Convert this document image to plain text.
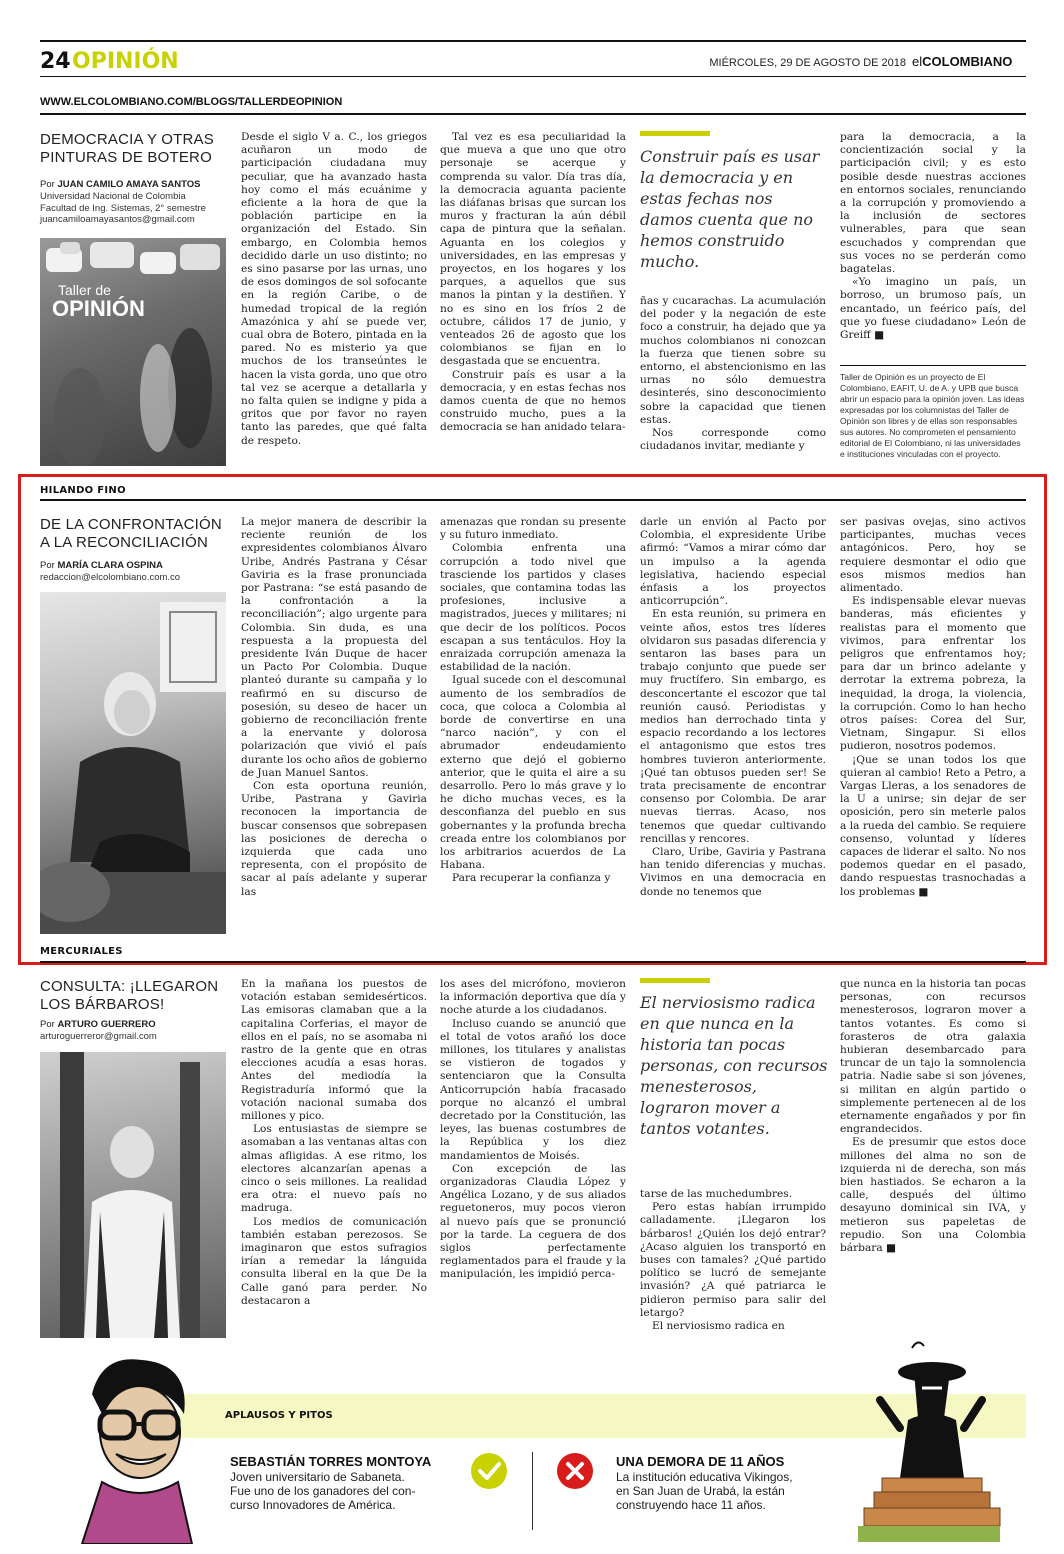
24 OPINIÓN	MIÉRCOLES, 29 DE AGOSTO DE 2018 elCOLOMBIANO
WWW.ELCOLOMBIANO.COM/BLOGS/TALLERDEOPINION
DEMOCRACIA Y OTRAS
PINTURAS DE BOTERO
Por JUAN CAMILO AMAYA SANTOS
Universidad Nacional de Colombia
Facultad de Ing. Sistemas, 2° semestre
juancamiloamayasantos@gmail.com
Taller de
OPINIÓN

Desde el siglo V a. C., los griegos acuñaron un modo de participación ciudadana muy peculiar, que ha avanzado hasta hoy como el más ecuánime y eficiente a la hora de que la población participe en la organización del Estado. Sin embargo, en Colombia hemos decidido darle un uso distinto; no es sino pasarse por las urnas, uno de esos domingos de sol sofocante en la región Caribe, o de humedad tropical de la región Amazónica y ahí se puede ver, cual obra de Botero, pintada en la pared. No es misterio ya que muchos de los transeúntes le hacen la vista gorda, uno que otro tal vez se acerque a detallarla y no falta quien se indigne y pida a gritos que por favor no rayen tanto las paredes, que qué falta de respeto.

Tal vez es esa peculiaridad la que mueva a que uno que otro personaje se acerque y comprenda su valor. Día tras día, la democracia aguanta paciente las diáfanas brisas que surcan los muros y fracturan la aún débil capa de pintura que la señalan. Aguanta en los colegios y universidades, en las empresas y proyectos, en los hogares y los parques, a aquellos que sus manos la pintan y la destiñen. Y no es sino en los fríos 2 de octubre, cálidos 17 de junio, y venteados 26 de agosto que los colombianos se fijan en lo desgastada que se encuentra.

Construir país es usar a la democracia, y en estas fechas nos damos cuenta de que no hemos construido mucho, pues a la democracia se han anidado telara-

Construir país es usar la democracia y en estas fechas nos damos cuenta que no hemos construido mucho.

ñas y cucarachas. La acumulación del poder y la negación de este foco a construir, ha dejado que ya muchos colombianos ni conozcan la fuerza que tienen sobre su entorno, el abstencionismo en las urnas no sólo demuestra desinterés, sino desconocimiento sobre la capacidad que tienen estas.

Nos corresponde como ciudadanos invitar, mediante y

para la democracia, a la concientización social y la participación civil; y es esto posible desde nuestras acciones en entornos sociales, renunciando a la corrupción y promoviendo a la inclusión de sectores vulnerables, para que sean escuchados y comprendan que sus voces no se perderán como bagatelas.

«Yo imagino un país, un borroso, un brumoso país, un encantado, un feérico país, del que yo fuese ciudadano» León de Greiff ■

Taller de Opinión es un proyecto de El Colombiano, EAFIT, U. de A. y UPB que busca abrir un espacio para la opinión joven. Las ideas expresadas por los columnistas del Taller de Opinión son libres y de ellas son responsables sus autores. No comprometen el pensamiento editorial de El Colombiano, ni las universidades e instituciones vinculadas con el proyecto.
HILANDO FINO
DE LA CONFRONTACIÓN
A LA RECONCILIACIÓN
Por MARÍA CLARA OSPINA
redaccion@elcolombiano.com.co

La mejor manera de describir la reciente reunión de los expresidentes colombianos Álvaro Uribe, Andrés Pastrana y César Gaviria es la frase pronunciada por Pastrana: “se está pasando de la confrontación a la reconciliación”; algo urgente para Colombia. Sin duda, es una respuesta a la propuesta del presidente Iván Duque de hacer un Pacto Por Colombia. Duque planteó durante su campaña y lo reafirmó en su discurso de posesión, su deseo de hacer un gobierno de reconciliación frente a la enervante y dolorosa polarización que vivió el país durante los ocho años de gobierno de Juan Manuel Santos.

Con esta oportuna reunión, Uribe, Pastrana y Gaviria reconocen la importancia de buscar consensos que sobrepasen las posiciones de derecha o izquierda que cada uno representa, con el propósito de sacar al país adelante y superar las

amenazas que rondan su presente y su futuro inmediato.

Colombia enfrenta una corrupción a todo nivel que trasciende los partidos y clases sociales, que contamina todas las profesiones, inclusive a magistrados, jueces y militares; ni que decir de los políticos. Pocos escapan a sus tentáculos. Hoy la enraizada corrupción amenaza la estabilidad de la nación.

Igual sucede con el descomunal aumento de los sembradíos de coca, que coloca a Colombia al borde de convertirse en una “narco nación”, y con el abrumador endeudamiento externo que dejó el gobierno anterior, que le quita el aire a su desarrollo. Pero lo más grave y lo he dicho muchas veces, es la desconfianza del pueblo en sus gobernantes y la profunda brecha creada entre los colombianos por los arbitrarios acuerdos de La Habana.

Para recuperar la confianza y

darle un envión al Pacto por Colombia, el expresidente Uribe afirmó: “Vamos a mirar cómo dar un impulso a la agenda legislativa, haciendo especial énfasis a los proyectos anticorrupción”.

En esta reunión, su primera en veinte años, estos tres líderes olvidaron sus pasadas diferencia y sentaron las bases para un trabajo conjunto que puede ser muy fructífero. Sin embargo, es desconcertante el escozor que tal reunión causó. Periodistas y medios han derrochado tinta y espacio recordando a los lectores el antagonismo que estos tres hombres tuvieron anteriormente. ¡Qué tan obtusos pueden ser! Se trata precisamente de encontrar consenso por Colombia. De arar nuevas tierras. Acaso, nos tenemos que quedar cultivando rencillas y rencores.

Claro, Uribe, Gaviria y Pastrana han tenido diferencias y muchas. Vivimos en una democracia en donde no tenemos que

ser pasivas ovejas, sino activos participantes, muchas veces antagónicos. Pero, hoy se requiere desmontar el odio que esos mismos medios han alimentado.

Es indispensable elevar nuevas banderas, más eficientes y realistas para el momento que vivimos, para enfrentar los peligros que enfrentamos hoy; para dar un brinco adelante y derrotar la extrema pobreza, la inequidad, la droga, la violencia, la corrupción. Como lo han hecho otros países: Corea del Sur, Vietnam, Singapur. Si ellos pudieron, nosotros podemos.

¡Que se unan todos los que quieran al cambio! Reto a Petro, a Vargas Lleras, a los senadores de la U a unirse; sin dejar de ser oposición, pero sin meterle palos a la rueda del cambio. Se requiere consenso, voluntad y líderes capaces de liderar el salto. No nos podemos quedar en el pasado, dando respuestas trasnochadas a los problemas ■

MERCURIALES
CONSULTA: ¡LLEGARON
LOS BÁRBAROS!
Por ARTURO GUERRERO
arturoguerreror@gmail.com

En la mañana los puestos de votación estaban semidesérticos. Las emisoras clamaban que a la capitalina Corferias, el mayor de ellos en el país, no se asomaba ni rastro de la gente que en otras elecciones acudía a esas horas. Antes del mediodía la Registraduría informó que la votación nacional sumaba dos millones y pico.

Los entusiastas de siempre se asomaban a las ventanas altas con almas afligidas. A ese ritmo, los electores alcanzarían apenas a cinco o seis millones. La realidad era otra: el nuevo país no madruga.

Los medios de comunicación también estaban perezosos. Se imaginaron que estos sufragios irían a remedar la lánguida consulta liberal en la que De la Calle ganó para perder. No destacaron a

los ases del micrófono, movieron la información deportiva que día y noche aturde a los ciudadanos.

Incluso cuando se anunció que el total de votos arañó los doce millones, los titulares y analistas se vistieron de togados y sentenciaron que la Consulta Anticorrupción había fracasado porque no alcanzó el umbral decretado por la Constitución, las leyes, las buenas costumbres de la República y los diez mandamientos de Moisés.

Con excepción de las organizadoras Claudia López y Angélica Lozano, y de sus aliados reguetoneros, muy pocos vieron al nuevo país que se pronunció por la tarde. La ceguera de dos siglos perfectamente reglamentados para el fraude y la manipulación, les impidió perca-

El nerviosismo radica en que nunca en la historia tan pocas personas, con recursos menesterosos, lograron mover a tantos votantes.

tarse de las muchedumbres.

Pero estas habían irrumpido calladamente. ¡Llegaron los bárbaros! ¿Quién los dejó entrar? ¿Acaso alguien los transportó en buses con tamales? ¿Qué partido político se lucró de semejante invasión? ¿A qué patriarca le pidieron permiso para salir del letargo?

El nerviosismo radica en

que nunca en la historia tan pocas personas, con recursos menesterosos, lograron mover a tantos votantes. Es como si forasteros de otra galaxia hubieran desembarcado para truncar de un tajo la somnolencia patria. Nadie sabe si son jóvenes, si militan en algún partido o simplemente pertenecen al de los eternamente engañados y por fin engrandecidos.

Es de presumir que estos doce millones del alma no son de izquierda ni de derecha, son más bien hastiados. Se echaron a la calle, después del último desayuno dominical sin IVA, y metieron sus papeletas de repudio. Son una Colombia bárbara ■

APLAUSOS Y PITOS
SEBASTIÁN TORRES MONTOYA
Joven universitario de Sabaneta.
Fue uno de los ganadores del con-
curso Innovadores de América.
UNA DEMORA DE 11 AÑOS
La institución educativa Vikingos,
en San Juan de Urabá, la están
construyendo hace 11 años.
